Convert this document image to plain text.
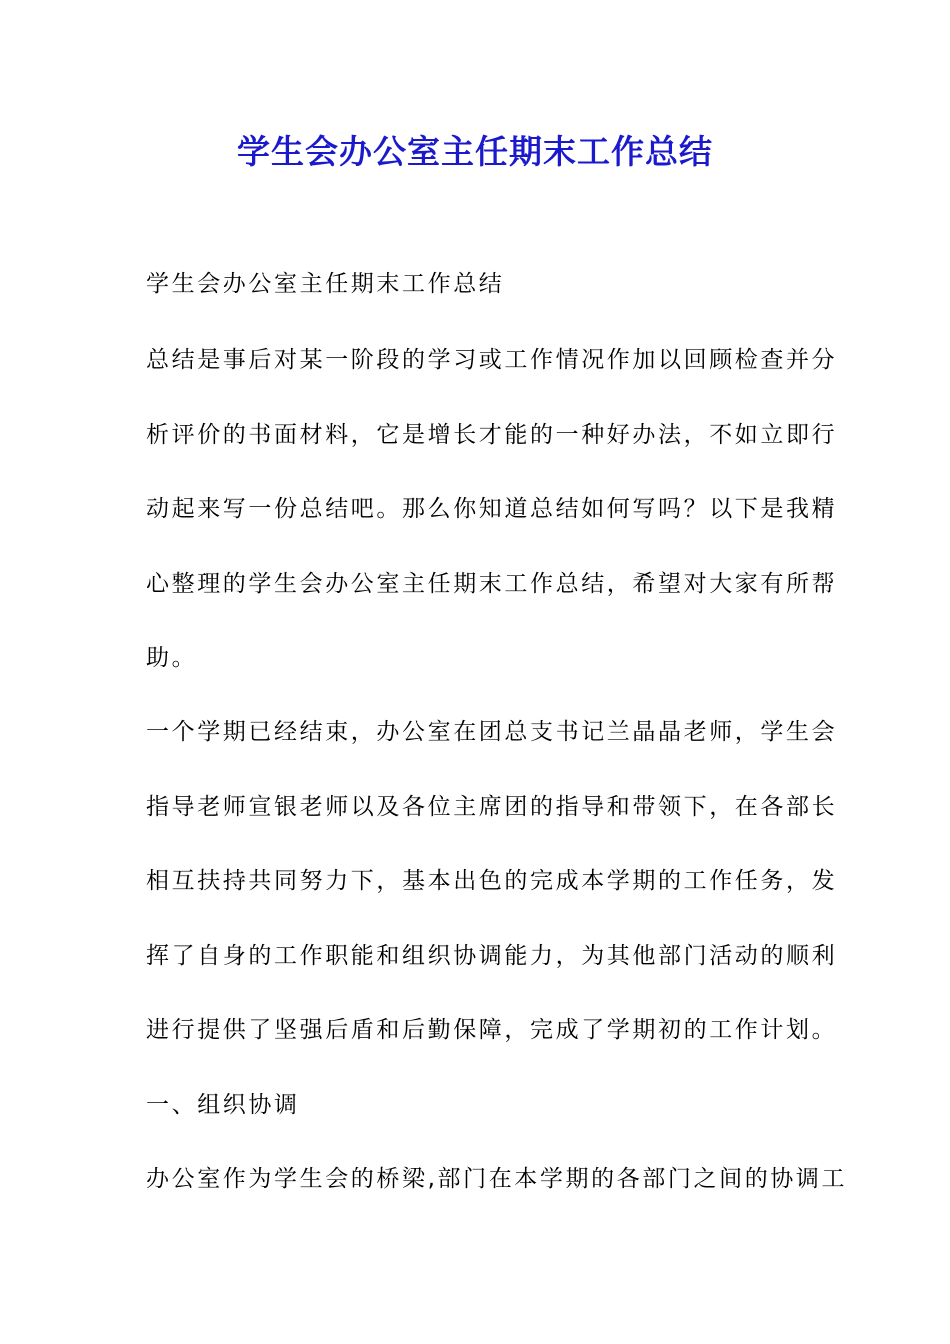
学生会办公室主任期末工作总结
学生会办公室主任期末工作总结
总结是事后对某一阶段的学习或工作情况作加以回顾检查并分
析评价的书面材料，它是增长才能的一种好办法，不如立即行
动起来写一份总结吧。那么你知道总结如何写吗？以下是我精
心整理的学生会办公室主任期末工作总结，希望对大家有所帮
助。
一个学期已经结束，办公室在团总支书记兰晶晶老师，学生会
指导老师宣银老师以及各位主席团的指导和带领下，在各部长
相互扶持共同努力下，基本出色的完成本学期的工作任务，发
挥了自身的工作职能和组织协调能力，为其他部门活动的顺利
进行提供了坚强后盾和后勤保障，完成了学期初的工作计划。
一、组织协调
办公室作为学生会的桥梁,部门在本学期的各部门之间的协调工
